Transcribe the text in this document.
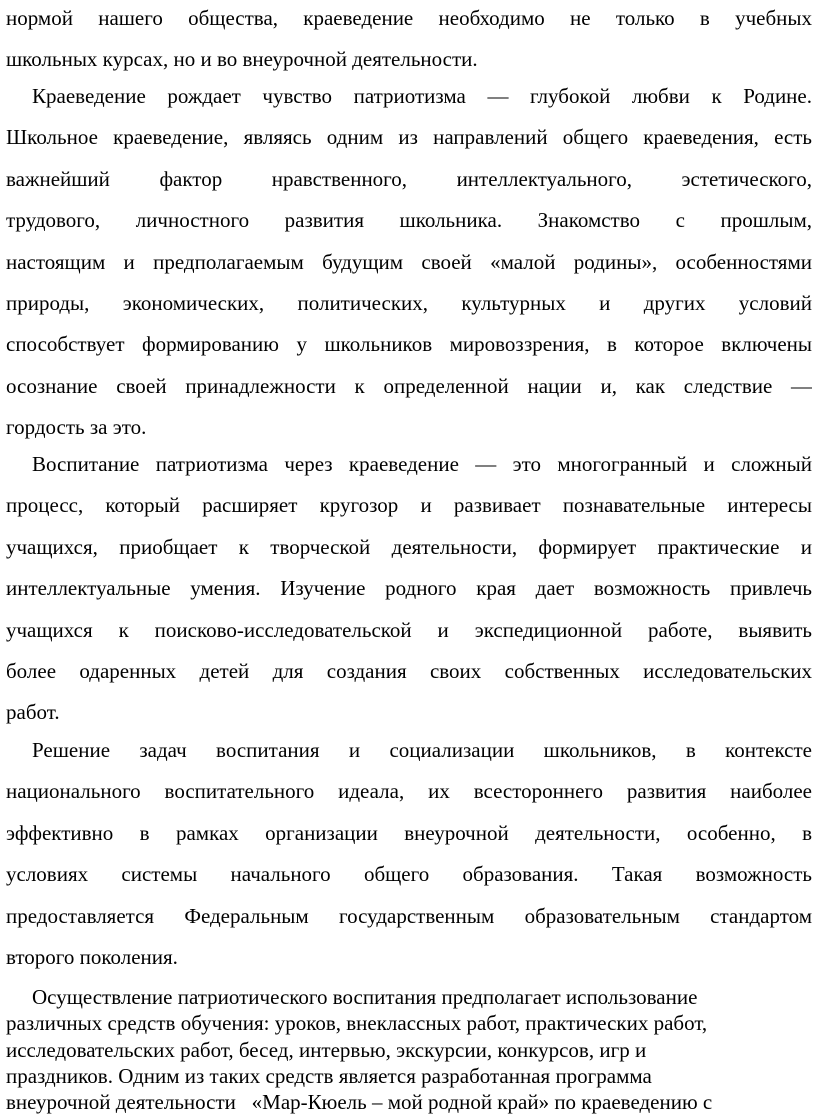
нормой нашего общества, краеведение необходимо не только в учебных
школьных курсах, но и во внеурочной деятельности.
Краеведение рождает чувство патриотизма — глубокой любви к Родине.
Школьное краеведение, являясь одним из направлений общего краеведения, есть
важнейший фактор нравственного, интеллектуального, эстетического,
трудового, личностного развития школьника. Знакомство с прошлым,
настоящим и предполагаемым будущим своей «малой родины», особенностями
природы, экономических, политических, культурных и других условий
способствует формированию у школьников мировоззрения, в которое включены
осознание своей принадлежности к определенной нации и, как следствие —
гордость за это.
Воспитание патриотизма через краеведение — это многогранный и сложный
процесс, который расширяет кругозор и развивает познавательные интересы
учащихся, приобщает к творческой деятельности, формирует практические и
интеллектуальные умения. Изучение родного края дает возможность привлечь
учащихся к поисково-исследовательской и экспедиционной работе, выявить
более одаренных детей для создания своих собственных исследовательских
работ.
Решение задач воспитания и социализации школьников, в контексте
национального воспитательного идеала, их всестороннего развития наиболее
эффективно в рамках организации внеурочной деятельности, особенно, в
условиях системы начального общего образования. Такая возможность
предоставляется Федеральным государственным образовательным стандартом
второго поколения.
Осуществление патриотического воспитания предполагает использование
различных средств обучения: уроков, внеклассных работ, практических работ,
исследовательских работ, бесед, интервью, экскурсии, конкурсов, игр и
праздников. Одним из таких средств является разработанная программа
внеурочной деятельности   «Мар-Кюель – мой родной край» по краеведению с
